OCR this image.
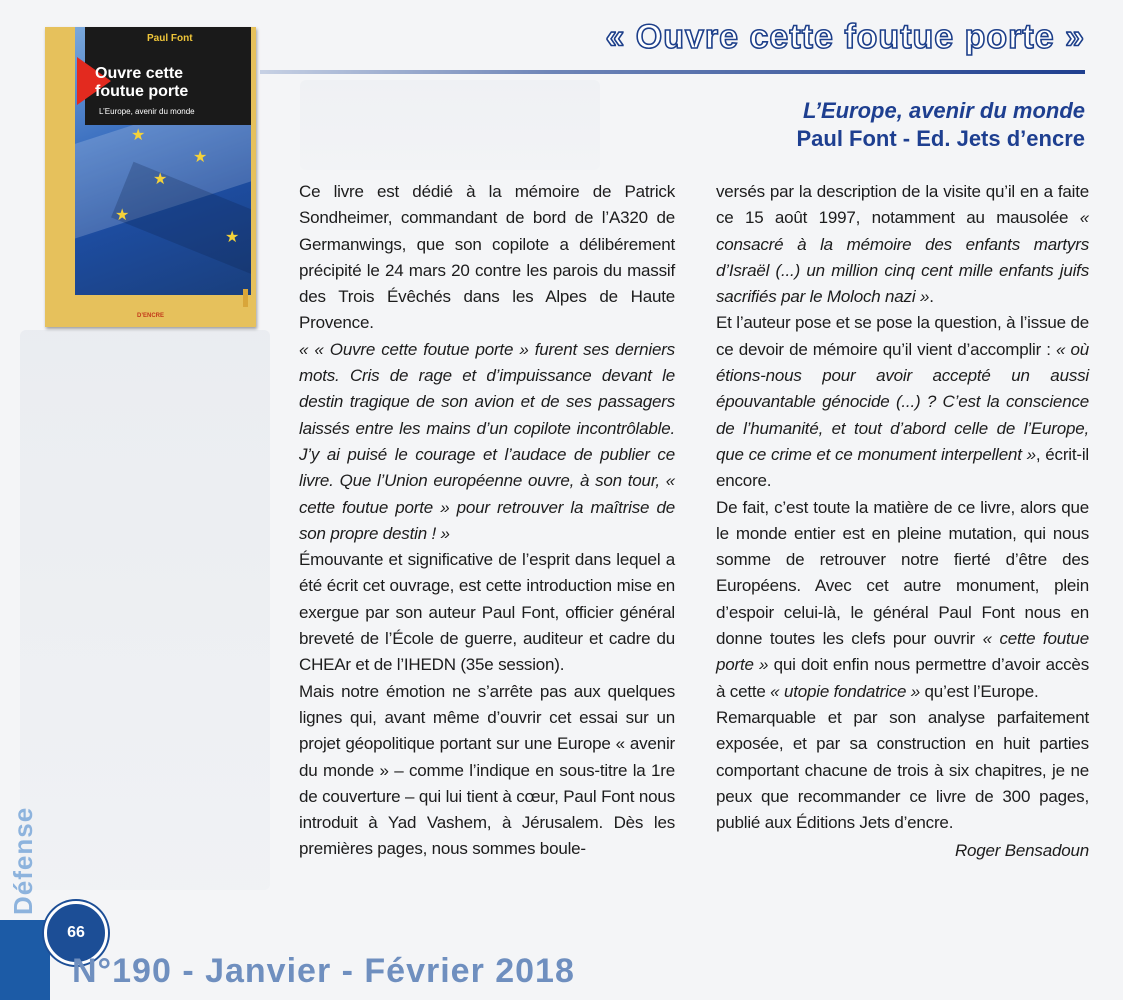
« Ouvre cette foutue porte »
L’Europe, avenir du monde
Paul Font - Ed. Jets d’encre
★
★
★
★
★
Paul Font
Ouvre cette
foutue porte
L’Europe, avenir du monde
D’ENCRE

Ce livre est dédié à la mémoire de Patrick Sondheimer, commandant de bord de l’A320 de Germanwings, que son copilote a délibérement précipité le 24 mars 20 contre les parois du massif des Trois Évêchés dans les Alpes de Haute Provence.

« « Ouvre cette foutue porte » furent ses derniers mots. Cris de rage et d’impuissance devant le destin tragique de son avion et de ses passagers laissés entre les mains d’un copilote incontrôlable. J’y ai puisé le courage et l’audace de publier ce livre. Que l’Union européenne ouvre, à son tour, « cette foutue porte » pour retrouver la maîtrise de son propre destin ! »

Émouvante et significative de l’esprit dans lequel a été écrit cet ouvrage, est cette introduction mise en exergue par son auteur Paul Font, officier général breveté de l’École de guerre, auditeur et cadre du CHEAr et de l’IHEDN (35e session).

Mais notre émotion ne s’arrête pas aux quelques lignes qui, avant même d’ouvrir cet essai sur un projet géopolitique portant sur une Europe « avenir du monde » – comme l’indique en sous-titre la 1re de couverture – qui lui tient à cœur, Paul Font nous introduit à Yad Vashem, à Jérusalem. Dès les premières pages, nous sommes boule-

versés par la description de la visite qu’il en a faite ce 15 août 1997, notamment au mausolée « consacré à la mémoire des enfants martyrs d’Israël (...) un million cinq cent mille enfants juifs sacrifiés par le Moloch nazi ».

Et l’auteur pose et se pose la question, à l’issue de ce devoir de mémoire qu’il vient d’accomplir : « où étions-nous pour avoir accepté un aussi épouvantable génocide (...) ? C’est la conscience de l’humanité, et tout d’abord celle de l’Europe, que ce crime et ce monument interpellent », écrit-il encore.

De fait, c’est toute la matière de ce livre, alors que le monde entier est en pleine mutation, qui nous somme de retrouver notre fierté d’être des Européens. Avec cet autre monument, plein d’espoir celui-là, le général Paul Font nous en donne toutes les clefs pour ouvrir « cette foutue porte » qui doit enfin nous permettre d’avoir accès à cette « utopie fondatrice » qu’est l’Europe.

Remarquable et par son analyse parfaitement exposée, et par sa construction en huit parties comportant chacune de trois à six chapitres, je ne peux que recommander ce livre de 300 pages, publié aux Éditions Jets d’encre.

Roger Bensadoun

Défense
66
N°190 - Janvier - Février 2018
